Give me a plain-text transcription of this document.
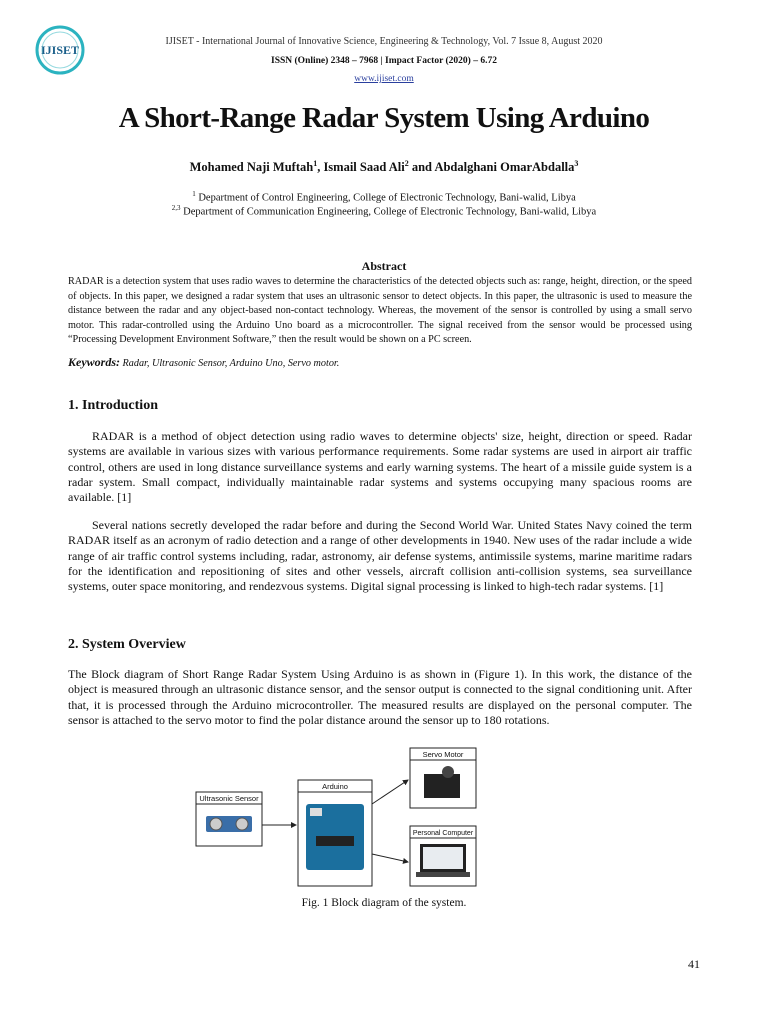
IJISET
IJISET - International Journal of Innovative Science, Engineering & Technology, Vol. 7 Issue 8, August 2020
ISSN (Online) 2348 – 7968 | Impact Factor (2020) – 6.72
www.ijiset.com
A Short-Range Radar System Using Arduino
Mohamed Naji Muftah$^1$, Ismail Saad Ali$^2$ and Abdalghani OmarAbdalla$^3$
$^1$ Department of Control Engineering, College of Electronic Technology, Bani-walid, Libya
$^{2,3}$ Department of Communication Engineering, College of Electronic Technology, Bani-walid, Libya
Abstract
RADAR is a detection system that uses radio waves to determine the characteristics of the detected objects such as: range, height, direction, or the speed of objects. In this paper, we designed a radar system that uses an ultrasonic sensor to detect objects. In this paper, the ultrasonic is used to measure the distance between the radar and any object-based non-contact technology. Whereas, the movement of the sensor is controlled by using a small servo motor. This radar-controlled using the Arduino Uno board as a microcontroller. The signal received from the sensor would be processed using “Processing Development Environment Software,” then the result would be shown on a PC screen.
Keywords: Radar, Ultrasonic Sensor, Arduino Uno, Servo motor.
1. Introduction
RADAR is a method of object detection using radio waves to determine objects' size, height, direction or speed. Radar systems are available in various sizes with various performance requirements. Some radar systems are used in airport air traffic control, others are used in long distance surveillance systems and early warning systems. The heart of a missile guide system is a radar system. Small compact, individually maintainable radar systems and systems occupying many spacious rooms are available. [1]
Several nations secretly developed the radar before and during the Second World War. United States Navy coined the term RADAR itself as an acronym of radio detection and a range of other developments in 1940. New uses of the radar include a wide range of air traffic control systems including, radar, astronomy, air defense systems, antimissile systems, marine maritime radars for the identification and repositioning of sites and other vessels, aircraft collision anti-collision systems, sea surveillance systems, outer space monitoring, and rendezvous systems. Digital signal processing is linked to high-tech radar systems. [1]
2. System Overview
The Block diagram of Short Range Radar System Using Arduino is as shown in (Figure 1). In this work, the distance of the object is measured through an ultrasonic distance sensor, and the sensor output is connected to the signal conditioning unit. After that, it is processed through the Arduino microcontroller. The measured results are displayed on the personal computer. The sensor is attached to the servo motor to find the polar distance around the sensor up to 180 rotations.
Ultrasonic Sensor
Arduino
Servo Motor
Personal Computer
Fig. 1 Block diagram of the system.
41
